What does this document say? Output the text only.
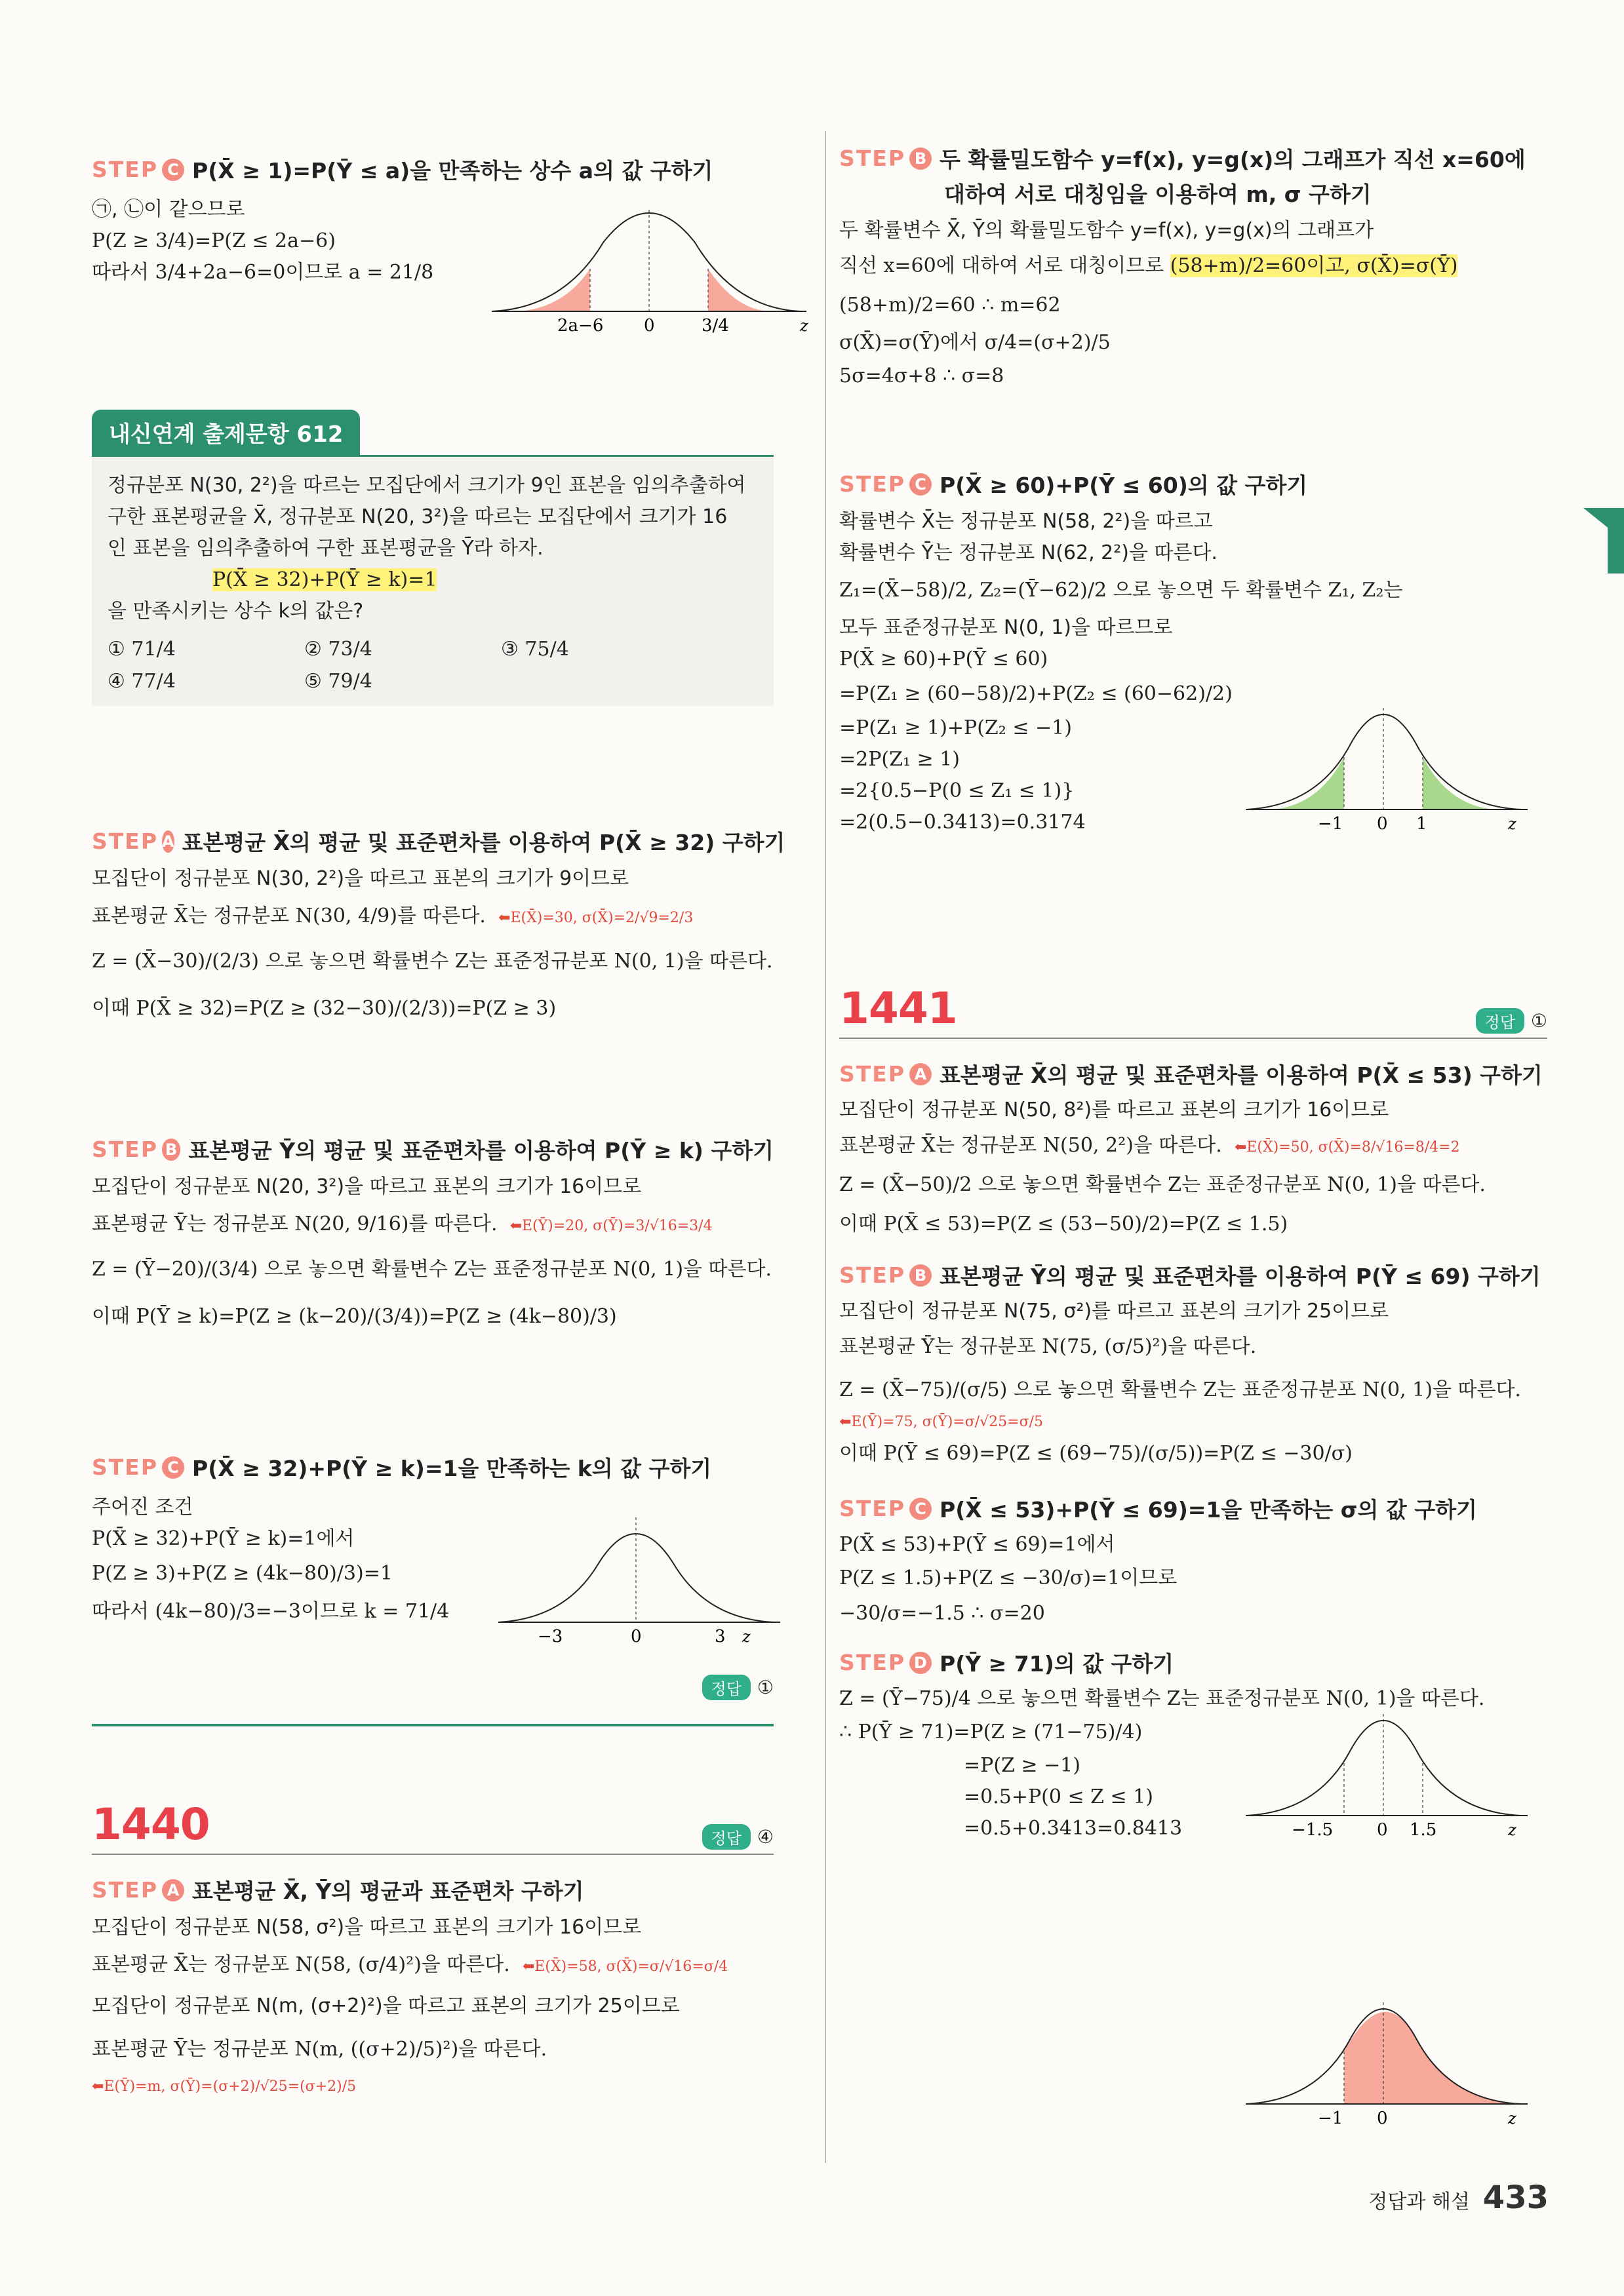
STEP C P(X̄ ≥ 1)=P(Ȳ ≤ a)을 만족하는 상수 a의 값 구하기
㉠, ㉡이 같으므로
P(Z ≥ 3/4)=P(Z ≤ 2a−6)
따라서 3/4+2a−6=0이므로 a = 21/8
2a−6 0	3/4	z
내신연계 출제문항 612
정규분포 N(30, 2²)을 따르는 모집단에서 크기가 9인 표본을 임의추출하여
구한 표본평균을 X̄, 정규분포 N(20, 3²)을 따르는 모집단에서 크기가 16
인 표본을 임의추출하여 구한 표본평균을 Ȳ라 하자.
P(X̄ ≥ 32)+P(Ȳ ≥ k)=1
을 만족시키는 상수 k의 값은?
① 71/4	② 73/4	③ 75/4
④ 77/4	⑤ 79/4
STEP A 표본평균 X̄의 평균 및 표준편차를 이용하여 P(X̄ ≥ 32) 구하기
모집단이 정규분포 N(30, 2²)을 따르고 표본의 크기가 9이므로
표본평균 X̄는 정규분포 N(30, 4/9)를 따른다. ⬅E(X̄)=30, σ(X̄)=2/√9=2/3
Z = (X̄−30)/(2/3) 으로 놓으면 확률변수 Z는 표준정규분포 N(0, 1)을 따른다.
이때 P(X̄ ≥ 32)=P(Z ≥ (32−30)/(2/3))=P(Z ≥ 3)
STEP B 표본평균 Ȳ의 평균 및 표준편차를 이용하여 P(Ȳ ≥ k) 구하기
모집단이 정규분포 N(20, 3²)을 따르고 표본의 크기가 16이므로
표본평균 Ȳ는 정규분포 N(20, 9/16)를 따른다. ⬅E(Ȳ)=20, σ(Ȳ)=3/√16=3/4
Z = (Ȳ−20)/(3/4) 으로 놓으면 확률변수 Z는 표준정규분포 N(0, 1)을 따른다.
이때 P(Ȳ ≥ k)=P(Z ≥ (k−20)/(3/4))=P(Z ≥ (4k−80)/3)
STEP C P(X̄ ≥ 32)+P(Ȳ ≥ k)=1을 만족하는 k의 값 구하기
주어진 조건
P(X̄ ≥ 32)+P(Ȳ ≥ k)=1에서
P(Z ≥ 3)+P(Z ≥ (4k−80)/3)=1
따라서 (4k−80)/3=−3이므로 k = 71/4
−3	0	3 z
정답 ①
1440	정답 ④
STEP A 표본평균 X̄, Ȳ의 평균과 표준편차 구하기
모집단이 정규분포 N(58, σ²)을 따르고 표본의 크기가 16이므로
표본평균 X̄는 정규분포 N(58, (σ/4)²)을 따른다. ⬅E(X̄)=58, σ(X̄)=σ/√16=σ/4
모집단이 정규분포 N(m, (σ+2)²)을 따르고 표본의 크기가 25이므로
표본평균 Ȳ는 정규분포 N(m, ((σ+2)/5)²)을 따른다.
⬅E(Ȳ)=m, σ(Ȳ)=(σ+2)/√25=(σ+2)/5
STEP B 두 확률밀도함수 y=f(x), y=g(x)의 그래프가 직선 x=60에
대하여 서로 대칭임을 이용하여 m, σ 구하기
두 확률변수 X̄, Ȳ의 확률밀도함수 y=f(x), y=g(x)의 그래프가
직선 x=60에 대하여 서로 대칭이므로 (58+m)/2=60이고, σ(X̄)=σ(Ȳ)
(58+m)/2=60 ∴ m=62
σ(X̄)=σ(Ȳ)에서 σ/4=(σ+2)/5
5σ=4σ+8 ∴ σ=8
STEP C P(X̄ ≥ 60)+P(Ȳ ≤ 60)의 값 구하기
확률변수 X̄는 정규분포 N(58, 2²)을 따르고
확률변수 Ȳ는 정규분포 N(62, 2²)을 따른다.
Z₁=(X̄−58)/2, Z₂=(Ȳ−62)/2 으로 놓으면 두 확률변수 Z₁, Z₂는
모두 표준정규분포 N(0, 1)을 따르므로
P(X̄ ≥ 60)+P(Ȳ ≤ 60)
=P(Z₁ ≥ (60−58)/2)+P(Z₂ ≤ (60−62)/2)
=P(Z₁ ≥ 1)+P(Z₂ ≤ −1)
=2P(Z₁ ≥ 1)
=2{0.5−P(0 ≤ Z₁ ≤ 1)}
=2(0.5−0.3413)=0.3174	−1 0 1	z
1441	정답 ①
STEP A 표본평균 X̄의 평균 및 표준편차를 이용하여 P(X̄ ≤ 53) 구하기
모집단이 정규분포 N(50, 8²)를 따르고 표본의 크기가 16이므로
표본평균 X̄는 정규분포 N(50, 2²)을 따른다. ⬅E(X̄)=50, σ(X̄)=8/√16=8/4=2
Z = (X̄−50)/2 으로 놓으면 확률변수 Z는 표준정규분포 N(0, 1)을 따른다.
이때 P(X̄ ≤ 53)=P(Z ≤ (53−50)/2)=P(Z ≤ 1.5)
STEP B 표본평균 Ȳ의 평균 및 표준편차를 이용하여 P(Ȳ ≤ 69) 구하기
모집단이 정규분포 N(75, σ²)를 따르고 표본의 크기가 25이므로
표본평균 Ȳ는 정규분포 N(75, (σ/5)²)을 따른다.
Z = (X̄−75)/(σ/5) 으로 놓으면 확률변수 Z는 표준정규분포 N(0, 1)을 따른다.
⬅E(Ȳ)=75, σ(Ȳ)=σ/√25=σ/5
이때 P(Ȳ ≤ 69)=P(Z ≤ (69−75)/(σ/5))=P(Z ≤ −30/σ)
STEP C P(X̄ ≤ 53)+P(Ȳ ≤ 69)=1을 만족하는 σ의 값 구하기
P(X̄ ≤ 53)+P(Ȳ ≤ 69)=1에서
P(Z ≤ 1.5)+P(Z ≤ −30/σ)=1이므로
−30/σ=−1.5 ∴ σ=20
STEP D P(Ȳ ≥ 71)의 값 구하기
Z = (Ȳ−75)/4 으로 놓으면 확률변수 Z는 표준정규분포 N(0, 1)을 따른다.
∴ P(Ȳ ≥ 71)=P(Z ≥ (71−75)/4)
=P(Z ≥ −1)
=0.5+P(0 ≤ Z ≤ 1)
=0.5+0.3413=0.8413	−1.5	0 1.5	z
−1 0	z
정답과 해설 433
